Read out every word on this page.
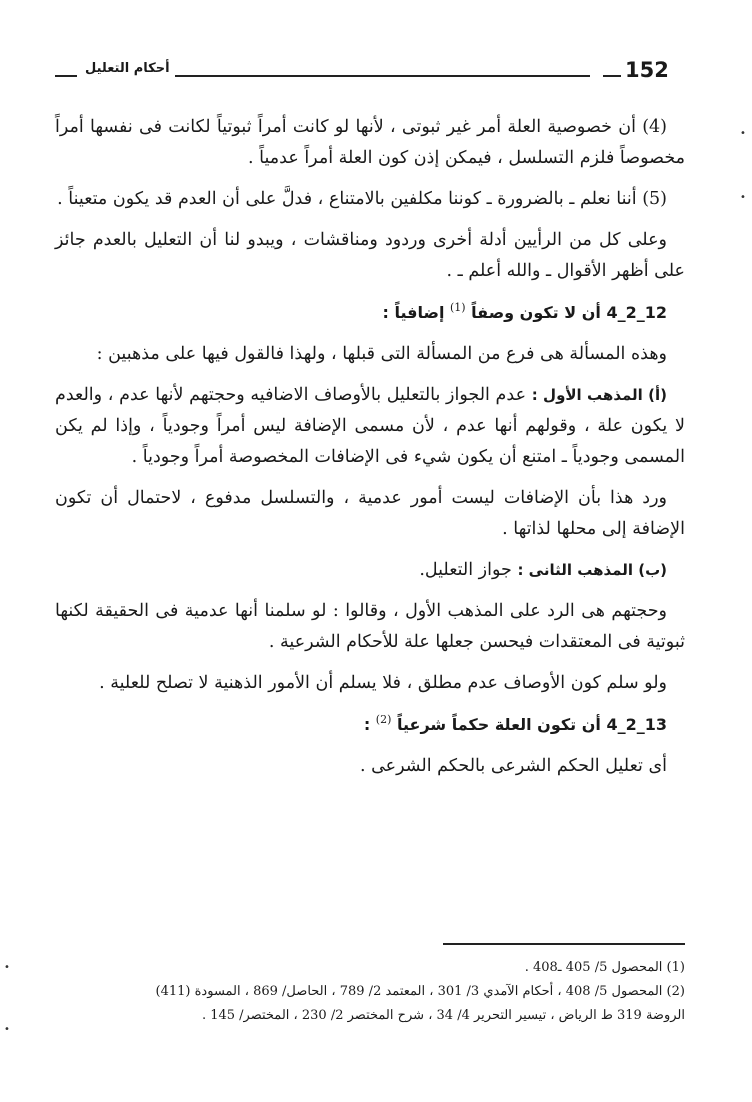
152
أحكام التعليل

(4) أن خصوصية العلة أمر غير ثبوتى ، لأنها لو كانت أمراً ثبوتياً لكانت فى نفسها أمراً مخصوصاً فلزم التسلسل ، فيمكن إذن كون العلة أمراً عدمياً .

(5) أننا نعلم ـ بالضرورة ـ كوننا مكلفين بالامتناع ، فدلَّ على أن العدم قد يكون متعيناً .

وعلى كل من الرأيين أدلة أخرى وردود ومناقشات ، ويبدو لنا أن التعليل بالعدم جائز على أظهر الأقوال ـ والله أعلم ـ .

12_2_4 أن لا تكون وصفاً $^{(1)}$ إضافياً :

وهذه المسألة هى فرع من المسألة التى قبلها ، ولهذا فالقول فيها على مذهبين :

(أ) المذهب الأول : عدم الجواز بالتعليل بالأوصاف الاضافيه وحجتهم لأنها عدم ، والعدم لا يكون علة ، وقولهم أنها عدم ، لأن مسمى الإضافة ليس أمراً وجودياً ، وإذا لم يكن المسمى وجودياً ـ امتنع أن يكون شيء فى الإضافات المخصوصة أمراً وجودياً .

ورد هذا بأن الإضافات ليست أمور عدمية ، والتسلسل مدفوع ، لاحتمال أن تكون الإضافة إلى محلها لذاتها .

(ب) المذهب الثانى : جواز التعليل.

وحجتهم هى الرد على المذهب الأول ، وقالوا : لو سلمنا أنها عدمية فى الحقيقة لكنها ثبوتية فى المعتقدات فيحسن جعلها علة للأحكام الشرعية .

ولو سلم كون الأوصاف عدم مطلق ، فلا يسلم أن الأمور الذهنية لا تصلح للعلية .

13_2_4 أن تكون العلة حكماً شرعياً $^{(2)}$ :

أى تعليل الحكم الشرعى بالحكم الشرعى .

(1) المحصول 5/ 405 ـ408 .

(2) المحصول 5/ 408 ، أحكام الآمدي 3/ 301 ، المعتمد 2/ 789 ، الحاصل/ 869 ، المسودة (411)

الروضة 319 ط الرياض ، تيسير التحرير 4/ 34 ، شرح المختصر 2/ 230 ، المختصر/ 145 .

•
•
•
•
